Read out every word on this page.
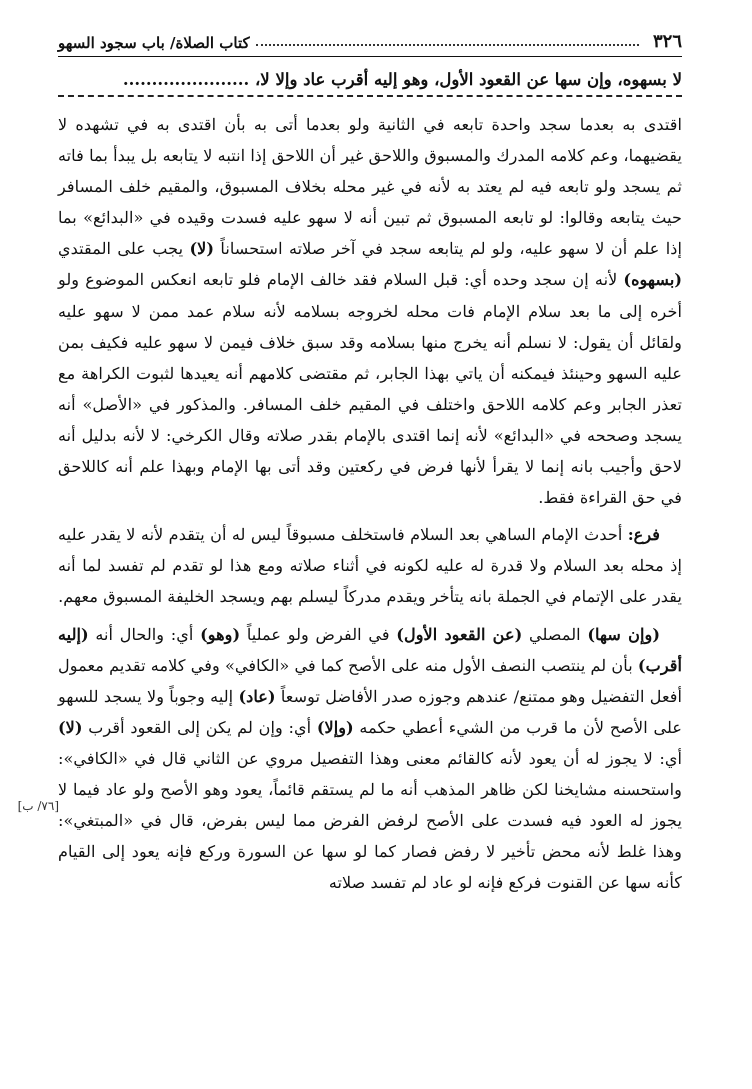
٣٢٦
كتاب الصلاة/ باب سجود السهو
لا بسهوه، وإن سها عن القعود الأول، وهو إليه أقرب عاد وإلا لا، ......................

اقتدى به بعدما سجد واحدة تابعه في الثانية ولو بعدما أتى به بأن اقتدى به في تشهده لا يقضيهما، وعم كلامه المدرك والمسبوق واللاحق غير أن اللاحق إذا انتبه لا يتابعه بل يبدأ بما فاته ثم يسجد ولو تابعه فيه لم يعتد به لأنه في غير محله بخلاف المسبوق، والمقيم خلف المسافر حيث يتابعه وقالوا: لو تابعه المسبوق ثم تبين أنه لا سهو عليه فسدت وقيده في «البدائع» بما إذا علم أن لا سهو عليه، ولو لم يتابعه سجد في آخر صلاته استحساناً (لا) يجب على المقتدي (بسهوه) لأنه إن سجد وحده أي: قبل السلام فقد خالف الإمام فلو تابعه انعكس الموضوع ولو أخره إلى ما بعد سلام الإمام فات محله لخروجه بسلامه لأنه سلام عمد ممن لا سهو عليه ولقائل أن يقول: لا نسلم أنه يخرج منها بسلامه وقد سبق خلاف فيمن لا سهو عليه فكيف بمن عليه السهو وحينئذ فيمكنه أن ياتي بهذا الجابر، ثم مقتضى كلامهم أنه يعيدها لثبوت الكراهة مع تعذر الجابر وعم كلامه اللاحق واختلف في المقيم خلف المسافر. والمذكور في «الأصل» أنه يسجد وصححه في «البدائع» لأنه إنما اقتدى بالإمام بقدر صلاته وقال الكرخي: لا لأنه بدليل أنه لاحق وأجيب بانه إنما لا يقرأ لأنها فرض في ركعتين وقد أتى بها الإمام وبهذا علم أنه كاللاحق في حق القراءة فقط.

فرع: أحدث الإمام الساهي بعد السلام فاستخلف مسبوقاً ليس له أن يتقدم لأنه لا يقدر عليه إذ محله بعد السلام ولا قدرة له عليه لكونه في أثناء صلاته ومع هذا لو تقدم لم تفسد لما أنه يقدر على الإتمام في الجملة بانه يتأخر ويقدم مدركاً ليسلم بهم ويسجد الخليفة المسبوق معهم.

(وإن سها) المصلي (عن القعود الأول) في الفرض ولو عملياً (وهو) أي: والحال أنه (إليه أقرب) بأن لم ينتصب النصف الأول منه على الأصح كما في «الكافي» وفي كلامه تقديم معمول أفعل التفضيل وهو ممتنع/ عندهم وجوزه صدر الأفاضل توسعاً (عاد) إليه وجوباً ولا يسجد للسهو على الأصح لأن ما قرب من الشيء أعطي حكمه (وإلا) أي: وإن لم يكن إلى القعود أقرب (لا) أي: لا يجوز له أن يعود لأنه كالقائم معنى وهذا التفصيل مروي عن الثاني قال في «الكافي»: واستحسنه مشايخنا لكن ظاهر المذهب أنه ما لم يستقم قائماً، يعود وهو الأصح ولو عاد فيما لا يجوز له العود فيه فسدت على الأصح لرفض الفرض مما ليس بفرض، قال في «المبتغي»: وهذا غلط لأنه محض تأخير لا رفض فصار كما لو سها عن السورة وركع فإنه يعود إلى القيام كأنه سها عن القنوت فركع فإنه لو عاد لم تفسد صلاته

[٧٦/ ب]
